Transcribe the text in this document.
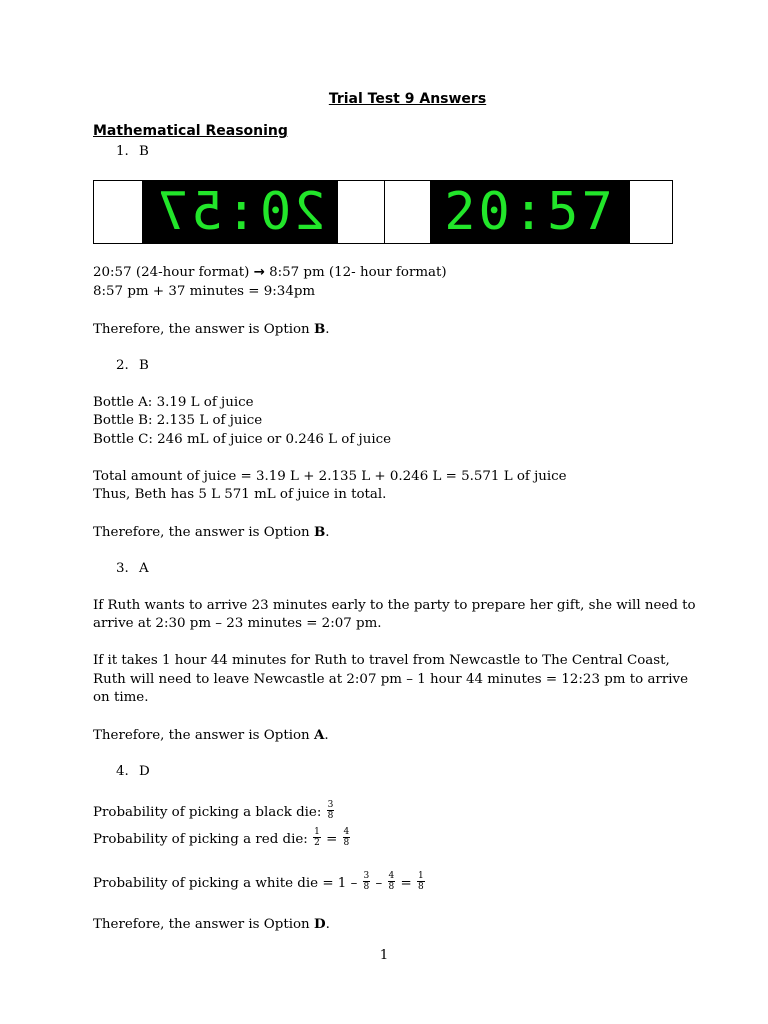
Trial Test 9 Answers
Mathematical Reasoning
1. B
20:57 20:57
20:57 (24-hour format) → 8:57 pm (12- hour format)
8:57 pm + 37 minutes = 9:34pm
Therefore, the answer is Option B.
2. B
Bottle A: 3.19 L of juice
Bottle B: 2.135 L of juice
Bottle C: 246 mL of juice or 0.246 L of juice
Total amount of juice = 3.19 L + 2.135 L + 0.246 L = 5.571 L of juice
Thus, Beth has 5 L 571 mL of juice in total.
Therefore, the answer is Option B.
3. A
If Ruth wants to arrive 23 minutes early to the party to prepare her gift, she will need to
arrive at 2:30 pm – 23 minutes = 2:07 pm.
If it takes 1 hour 44 minutes for Ruth to travel from Newcastle to The Central Coast,
Ruth will need to leave Newcastle at 2:07 pm – 1 hour 44 minutes = 12:23 pm to arrive
on time.
Therefore, the answer is Option A.
4. D
Probability of picking a black die: $\frac{3}{8}$
Probability of picking a red die: $\frac{1}{2} = \frac{4}{8}$
Probability of picking a white die = $1 - \frac{3}{8} - \frac{4}{8} = \frac{1}{8}$
Therefore, the answer is Option D.
1
